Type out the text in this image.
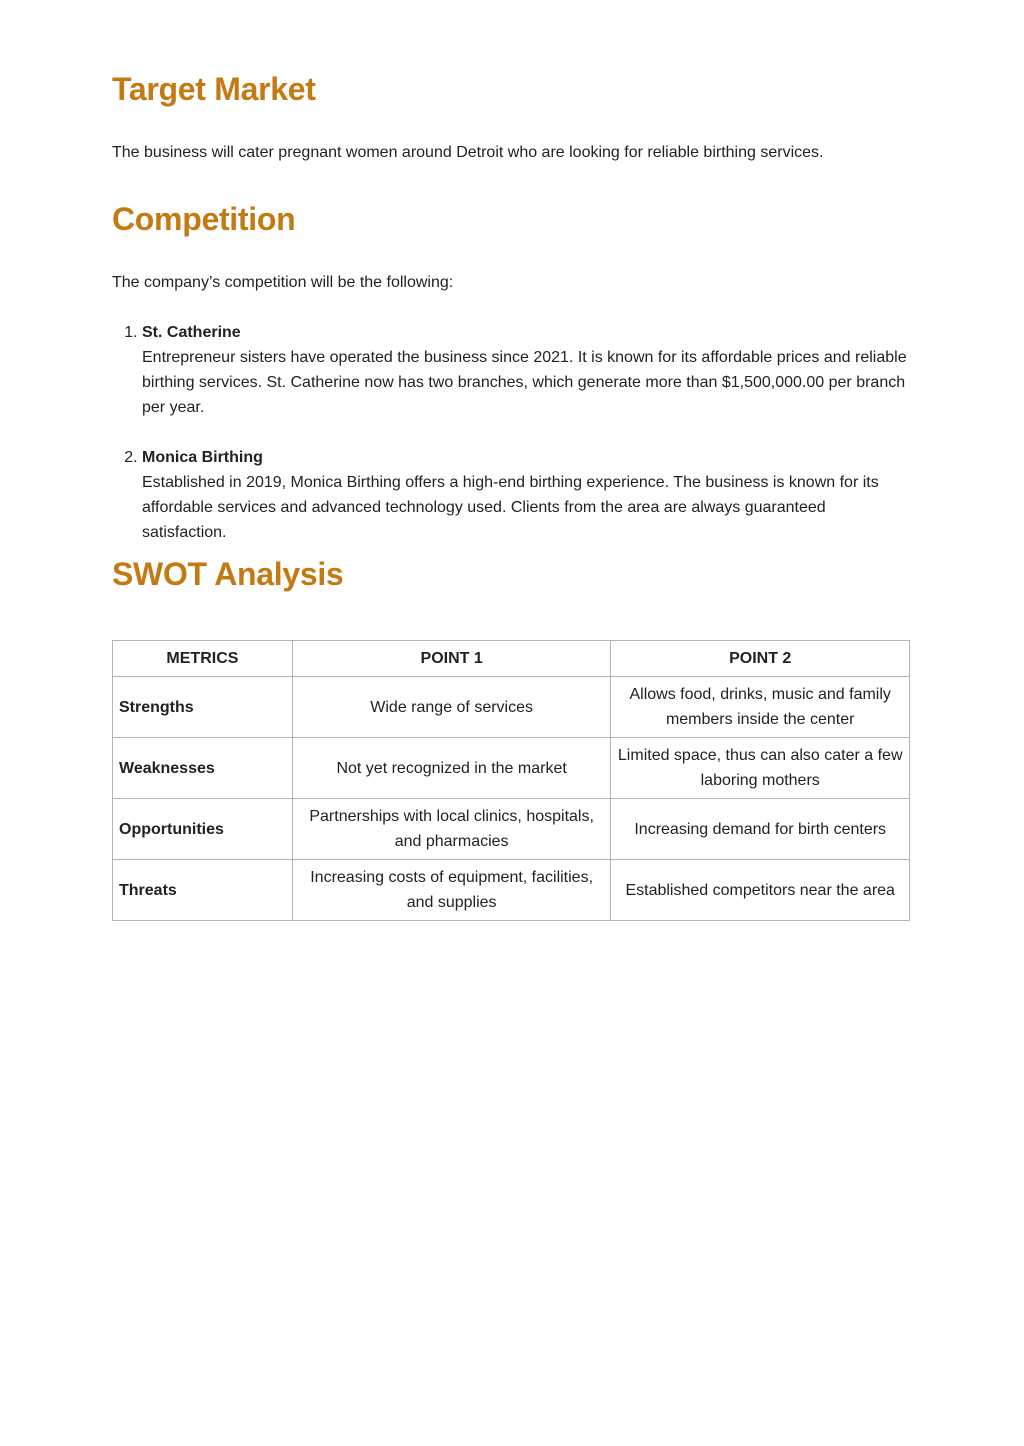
Target Market

The business will cater pregnant women around Detroit who are looking for reliable birthing services.

Competition

The company’s competition will be the following:

1. St. Catherine
Entrepreneur sisters have operated the business since 2021. It is known for its affordable prices and reliable birthing services. St. Catherine now has two branches, which generate more than $1,500,000.00 per branch per year.
2. Monica Birthing
Established in 2019, Monica Birthing offers a high-end birthing experience. The business is known for its affordable services and advanced technology used. Clients from the area are always guaranteed satisfaction.
SWOT Analysis
METRICS	POINT 1	POINT 2
Strengths	Wide range of services	Allows food, drinks, music and family members inside the center
Weaknesses	Not yet recognized in the market	Limited space, thus can also cater a few laboring mothers
Opportunities	Partnerships with local clinics, hospitals, and pharmacies	Increasing demand for birth centers
Threats	Increasing costs of equipment, facilities, and supplies	Established competitors near the area
